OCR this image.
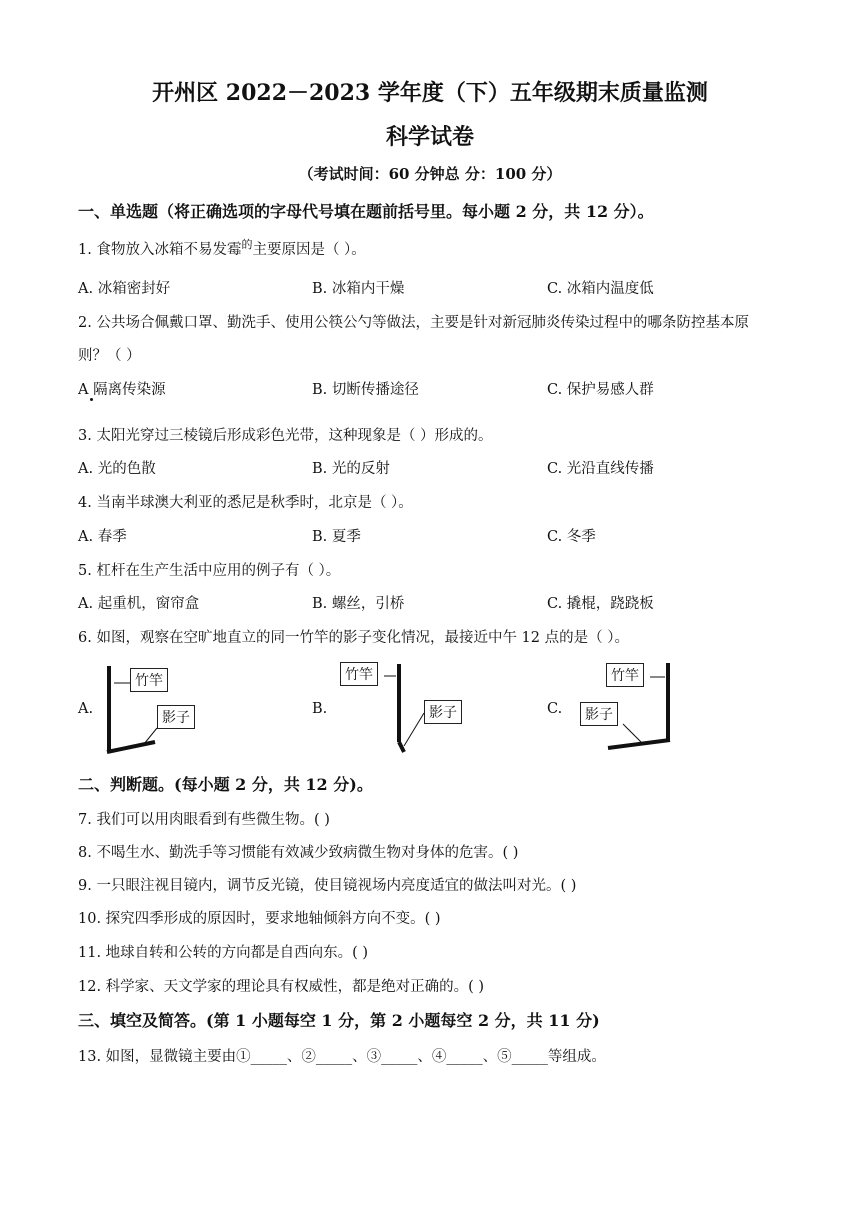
开州区 2022－2023 学年度（下）五年级期末质量监测
科学试卷
（考试时间：60 分钟总 分：100 分）
一、单选题（将正确选项的字母代号填在题前括号里。每小题 2 分，共 12 分）。
1. 食物放入冰箱不易发霉$^的$主要原因是（ ）。
A. 冰箱密封好	B. 冰箱内干燥	C. 冰箱内温度低
2. 公共场合佩戴口罩、勤洗手、使用公筷公勺等做法，主要是针对新冠肺炎传染过程中的哪条防控基本原
则？（ ）
A 隔离传染源	B. 切断传播途径	C. 保护易感人群
3. 太阳光穿过三棱镜后形成彩色光带，这种现象是（ ）形成的。
A. 光的色散	B. 光的反射	C. 光沿直线传播
4. 当南半球澳大利亚的悉尼是秋季时，北京是（ ）。
A. 春季	B. 夏季	C. 冬季
5. 杠杆在生产生活中应用的例子有（ ）。
A. 起重机，窗帘盒	B. 螺丝，引桥	C. 撬棍，跷跷板
6. 如图，观察在空旷地直立的同一竹竿的影子变化情况，最接近中午 12 点的是（ ）。
A.
竹竿
影子
B.
竹竿
影子	C.
竹竿
影子
二、判断题。(每小题 2 分，共 12 分)。
7. 我们可以用肉眼看到有些微生物。( )
8. 不喝生水、勤洗手等习惯能有效减少致病微生物对身体的危害。( )
9. 一只眼注视目镜内，调节反光镜，使目镜视场内亮度适宜的做法叫对光。( )
10. 探究四季形成的原因时，要求地轴倾斜方向不变。( )
11. 地球自转和公转的方向都是自西向东。( )
12. 科学家、天文学家的理论具有权威性，都是绝对正确的。( )
三、填空及简答。(第 1 小题每空 1 分，第 2 小题每空 2 分，共 11 分)
13. 如图，显微镜主要由①_____、②_____、③_____、④_____、⑤_____等组成。
